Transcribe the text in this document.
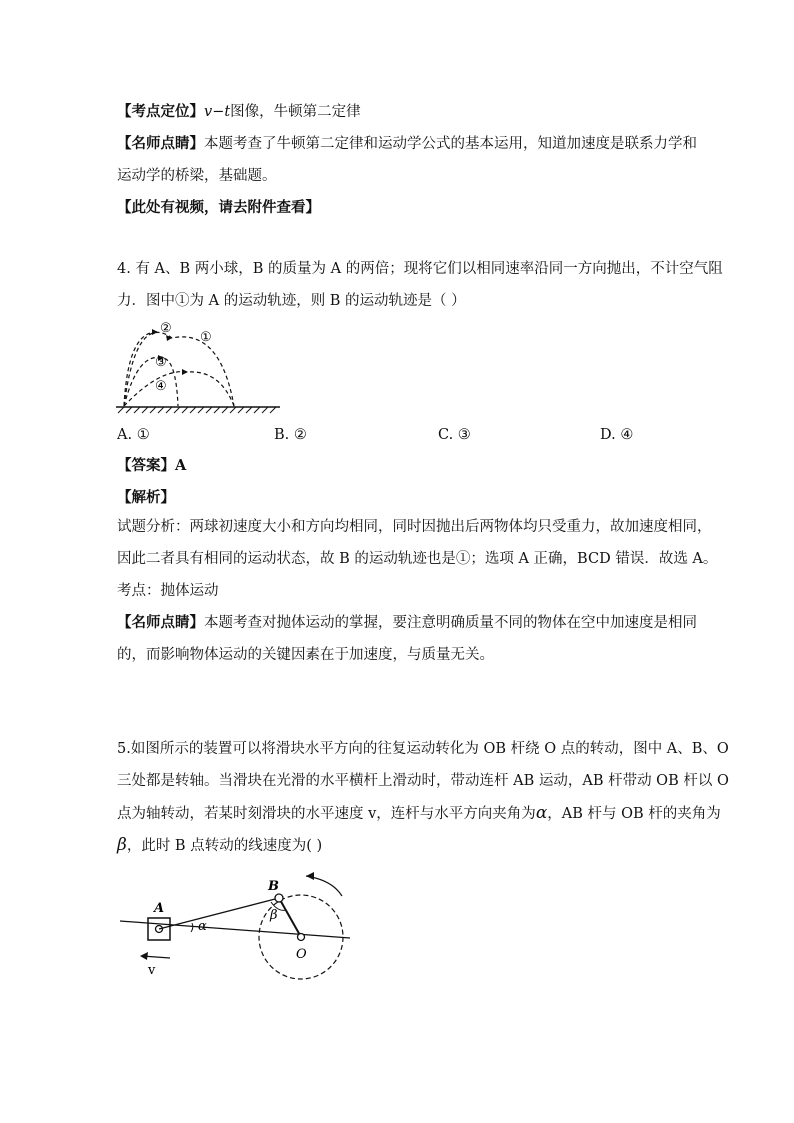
【考点定位】v−t图像，牛顿第二定律
【名师点睛】本题考查了牛顿第二定律和运动学公式的基本运用，知道加速度是联系力学和
运动学的桥梁，基础题。
【此处有视频，请去附件查看】
4. 有 A、B 两小球，B 的质量为 A 的两倍；现将它们以相同速率沿同一方向抛出，不计空气阻
力．图中①为 A 的运动轨迹，则 B 的运动轨迹是（ ）
②
①
③
④
A. ①	B. ②	C. ③	D. ④
【答案】A
【解析】
试题分析：两球初速度大小和方向均相同，同时因抛出后两物体均只受重力，故加速度相同，
因此二者具有相同的运动状态，故 B 的运动轨迹也是①；选项 A 正确，BCD 错误．故选 A。
考点：抛体运动
【名师点睛】本题考查对抛体运动的掌握，要注意明确质量不同的物体在空中加速度是相同
的，而影响物体运动的关键因素在于加速度，与质量无关。
5.如图所示的装置可以将滑块水平方向的往复运动转化为 OB 杆绕 O 点的转动，图中 A、B、O
三处都是转轴。当滑块在光滑的水平横杆上滑动时，带动连杆 AB 运动，AB 杆带动 OB 杆以 O
点为轴转动，若某时刻滑块的水平速度 v，连杆与水平方向夹角为α，AB 杆与 OB 杆的夹角为
β，此时 B 点转动的线速度为( )
A
B
O
α
β
v
